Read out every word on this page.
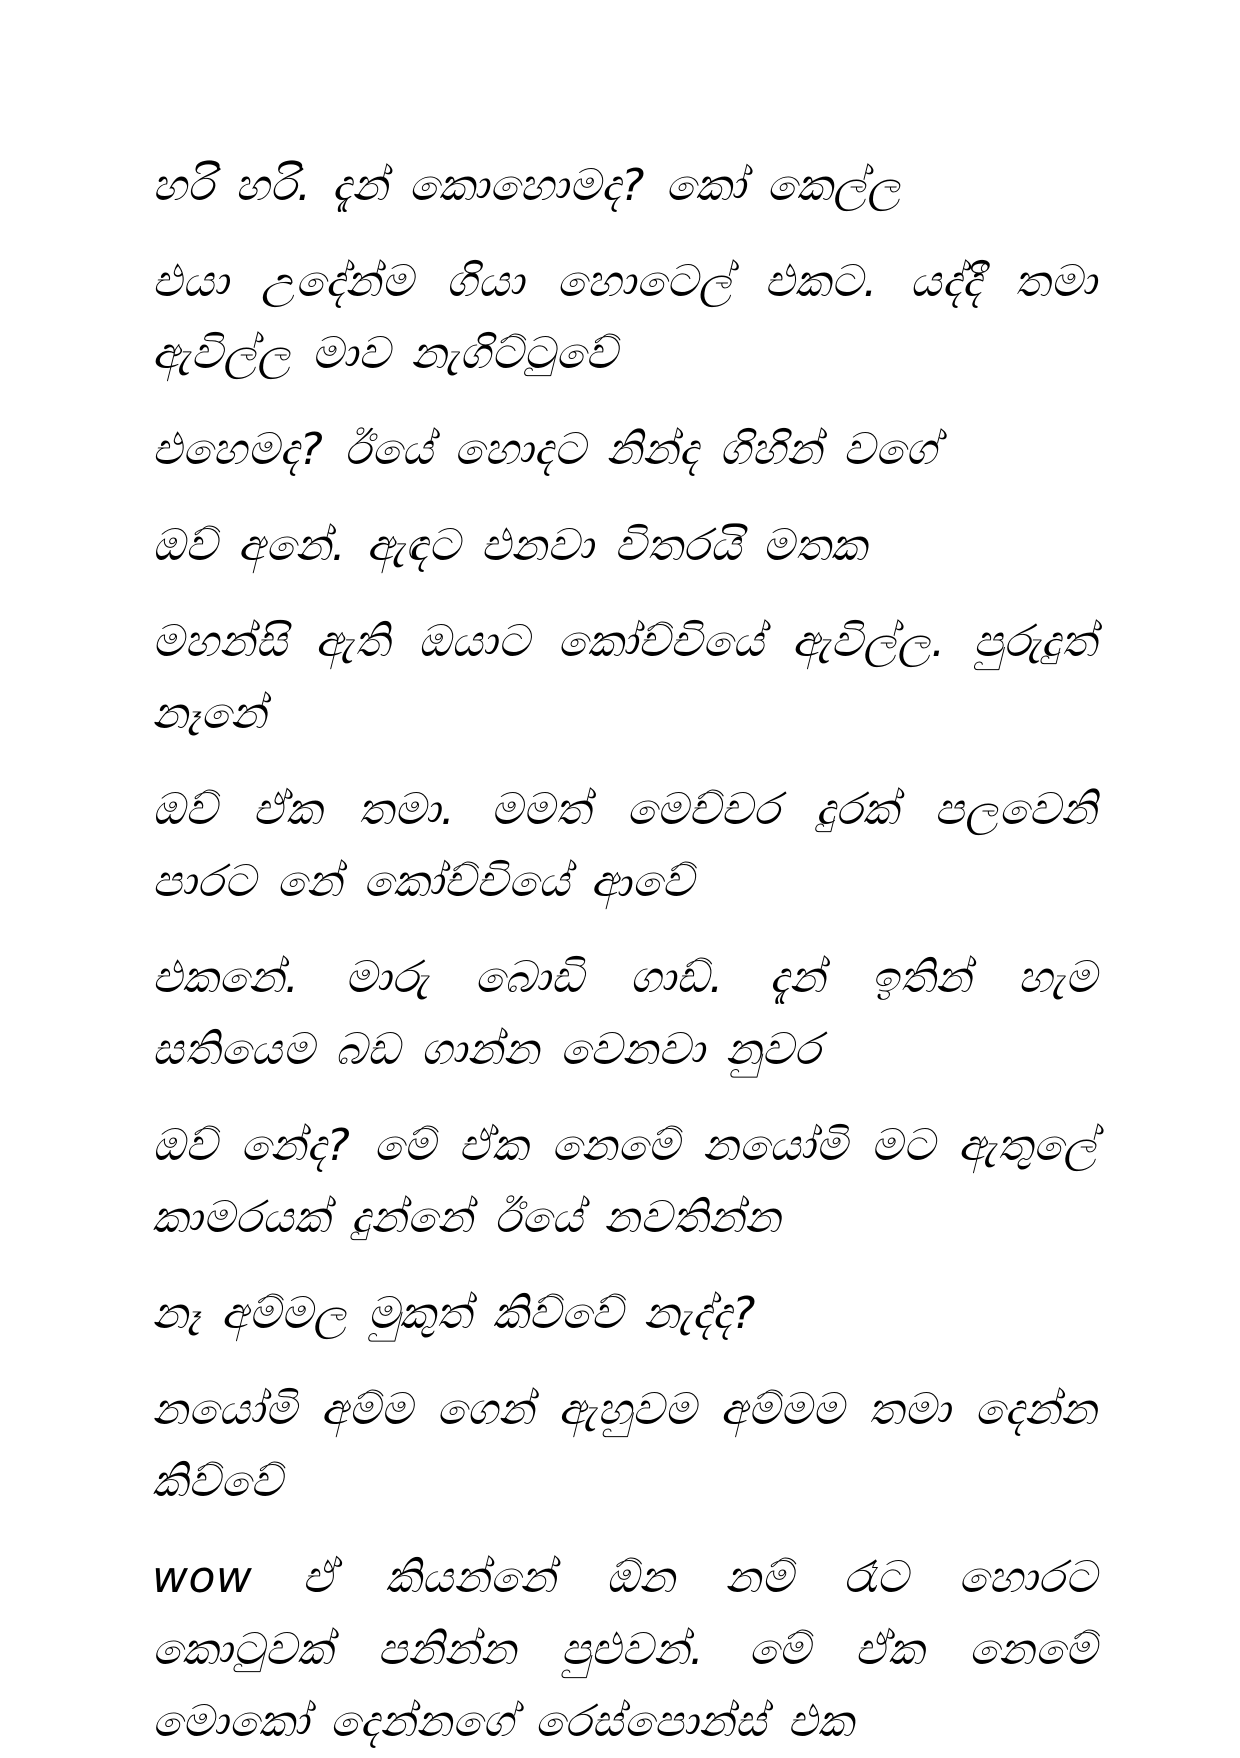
හරි හරි. දැන් කොහොමද? කෝ කෙල්ල

එයා උදේන්ම ගියා හොටෙල් එකට. යද්දී තමා ඇවිල්ල මාව නැගිට්ටුවේ

එහෙමද? ඊයේ හොදට නින්ද ගිහින් වගේ

ඔව් අනේ. ඇඳට එනවා විතරයි මතක

මහන්සි ඇති ඔයාට කෝච්චියේ ඇවිල්ල. පුරුදුත් නෑනේ

ඔව් ඒක තමා. මමත් මෙච්චර දුරක් පලවෙනි පාරට නේ කෝච්චියේ ආවේ

එකනේ. මාරු බොඩි ගාඩ්. දැන් ඉතින් හැම සතියෙම බඩ ගාන්න වෙනවා නුවර

ඔව් නේද? මේ ඒක නෙමේ නයෝමි මට ඇතුලේ කාමරයක් දුන්නේ ඊයේ නවතින්න

නෑ අම්මල මුකුත් කිව්වේ නැද්ද?

නයෝමි අම්ම ගෙන් ඇහුවම අම්මම තමා දෙන්න කිව්වේ

wow ඒ කියන්නේ ඕන නම් රෑට හොරට කොටුවක් පනින්න පුළුවන්. මේ ඒක නෙමේ මොකෝ දෙන්නගේ රෙස්පොන්ස් එක
